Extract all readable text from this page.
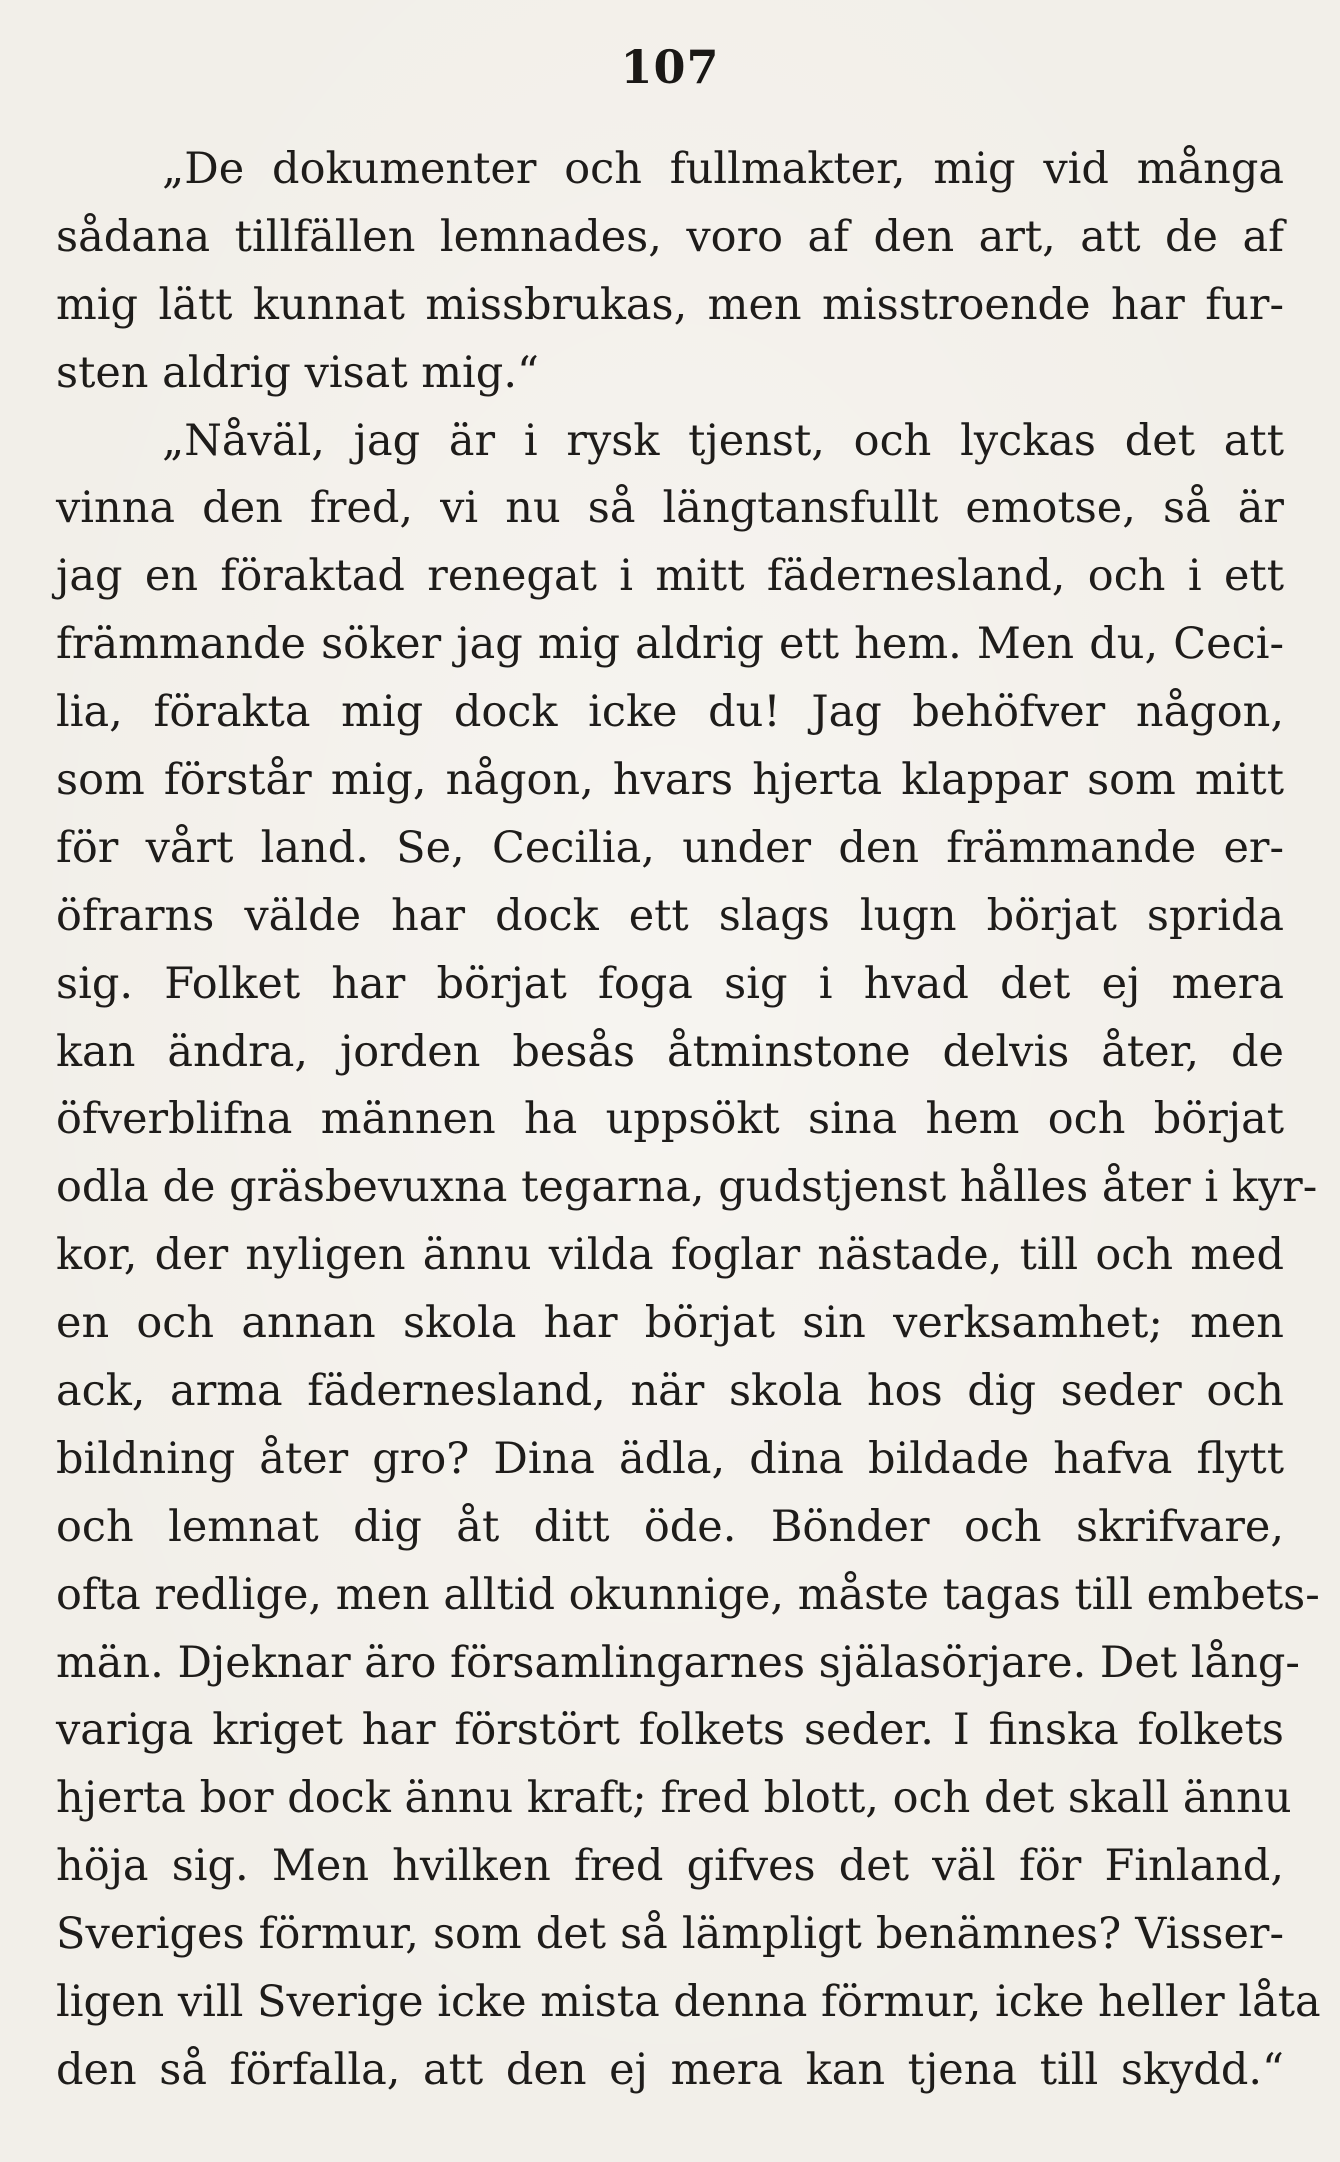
107
„De dokumenter och fullmakter, mig vid många
sådana tillfällen lemnades, voro af den art, att de af
mig lätt kunnat missbrukas, men misstroende har fur-
sten aldrig visat mig.“
„Nåväl, jag är i rysk tjenst, och lyckas det att
vinna den fred, vi nu så längtansfullt emotse, så är
jag en föraktad renegat i mitt fädernesland, och i ett
främmande söker jag mig aldrig ett hem. Men du, Ceci-
lia, förakta mig dock icke du! Jag behöfver någon,
som förstår mig, någon, hvars hjerta klappar som mitt
för vårt land. Se, Cecilia, under den främmande er-
öfrarns välde har dock ett slags lugn börjat sprida
sig. Folket har börjat foga sig i hvad det ej mera
kan ändra, jorden besås åtminstone delvis åter, de
öfverblifna männen ha uppsökt sina hem och börjat
odla de gräsbevuxna tegarna, gudstjenst hålles åter i kyr-
kor, der nyligen ännu vilda foglar nästade, till och med
en och annan skola har börjat sin verksamhet; men
ack, arma fädernesland, när skola hos dig seder och
bildning åter gro? Dina ädla, dina bildade hafva flytt
och lemnat dig åt ditt öde. Bönder och skrifvare,
ofta redlige, men alltid okunnige, måste tagas till embets-
män. Djeknar äro församlingarnes själasörjare. Det lång-
variga kriget har förstört folkets seder. I finska folkets
hjerta bor dock ännu kraft; fred blott, och det skall ännu
höja sig. Men hvilken fred gifves det väl för Finland,
Sveriges förmur, som det så lämpligt benämnes? Visser-
ligen vill Sverige icke mista denna förmur, icke heller låta
den så förfalla, att den ej mera kan tjena till skydd.“
